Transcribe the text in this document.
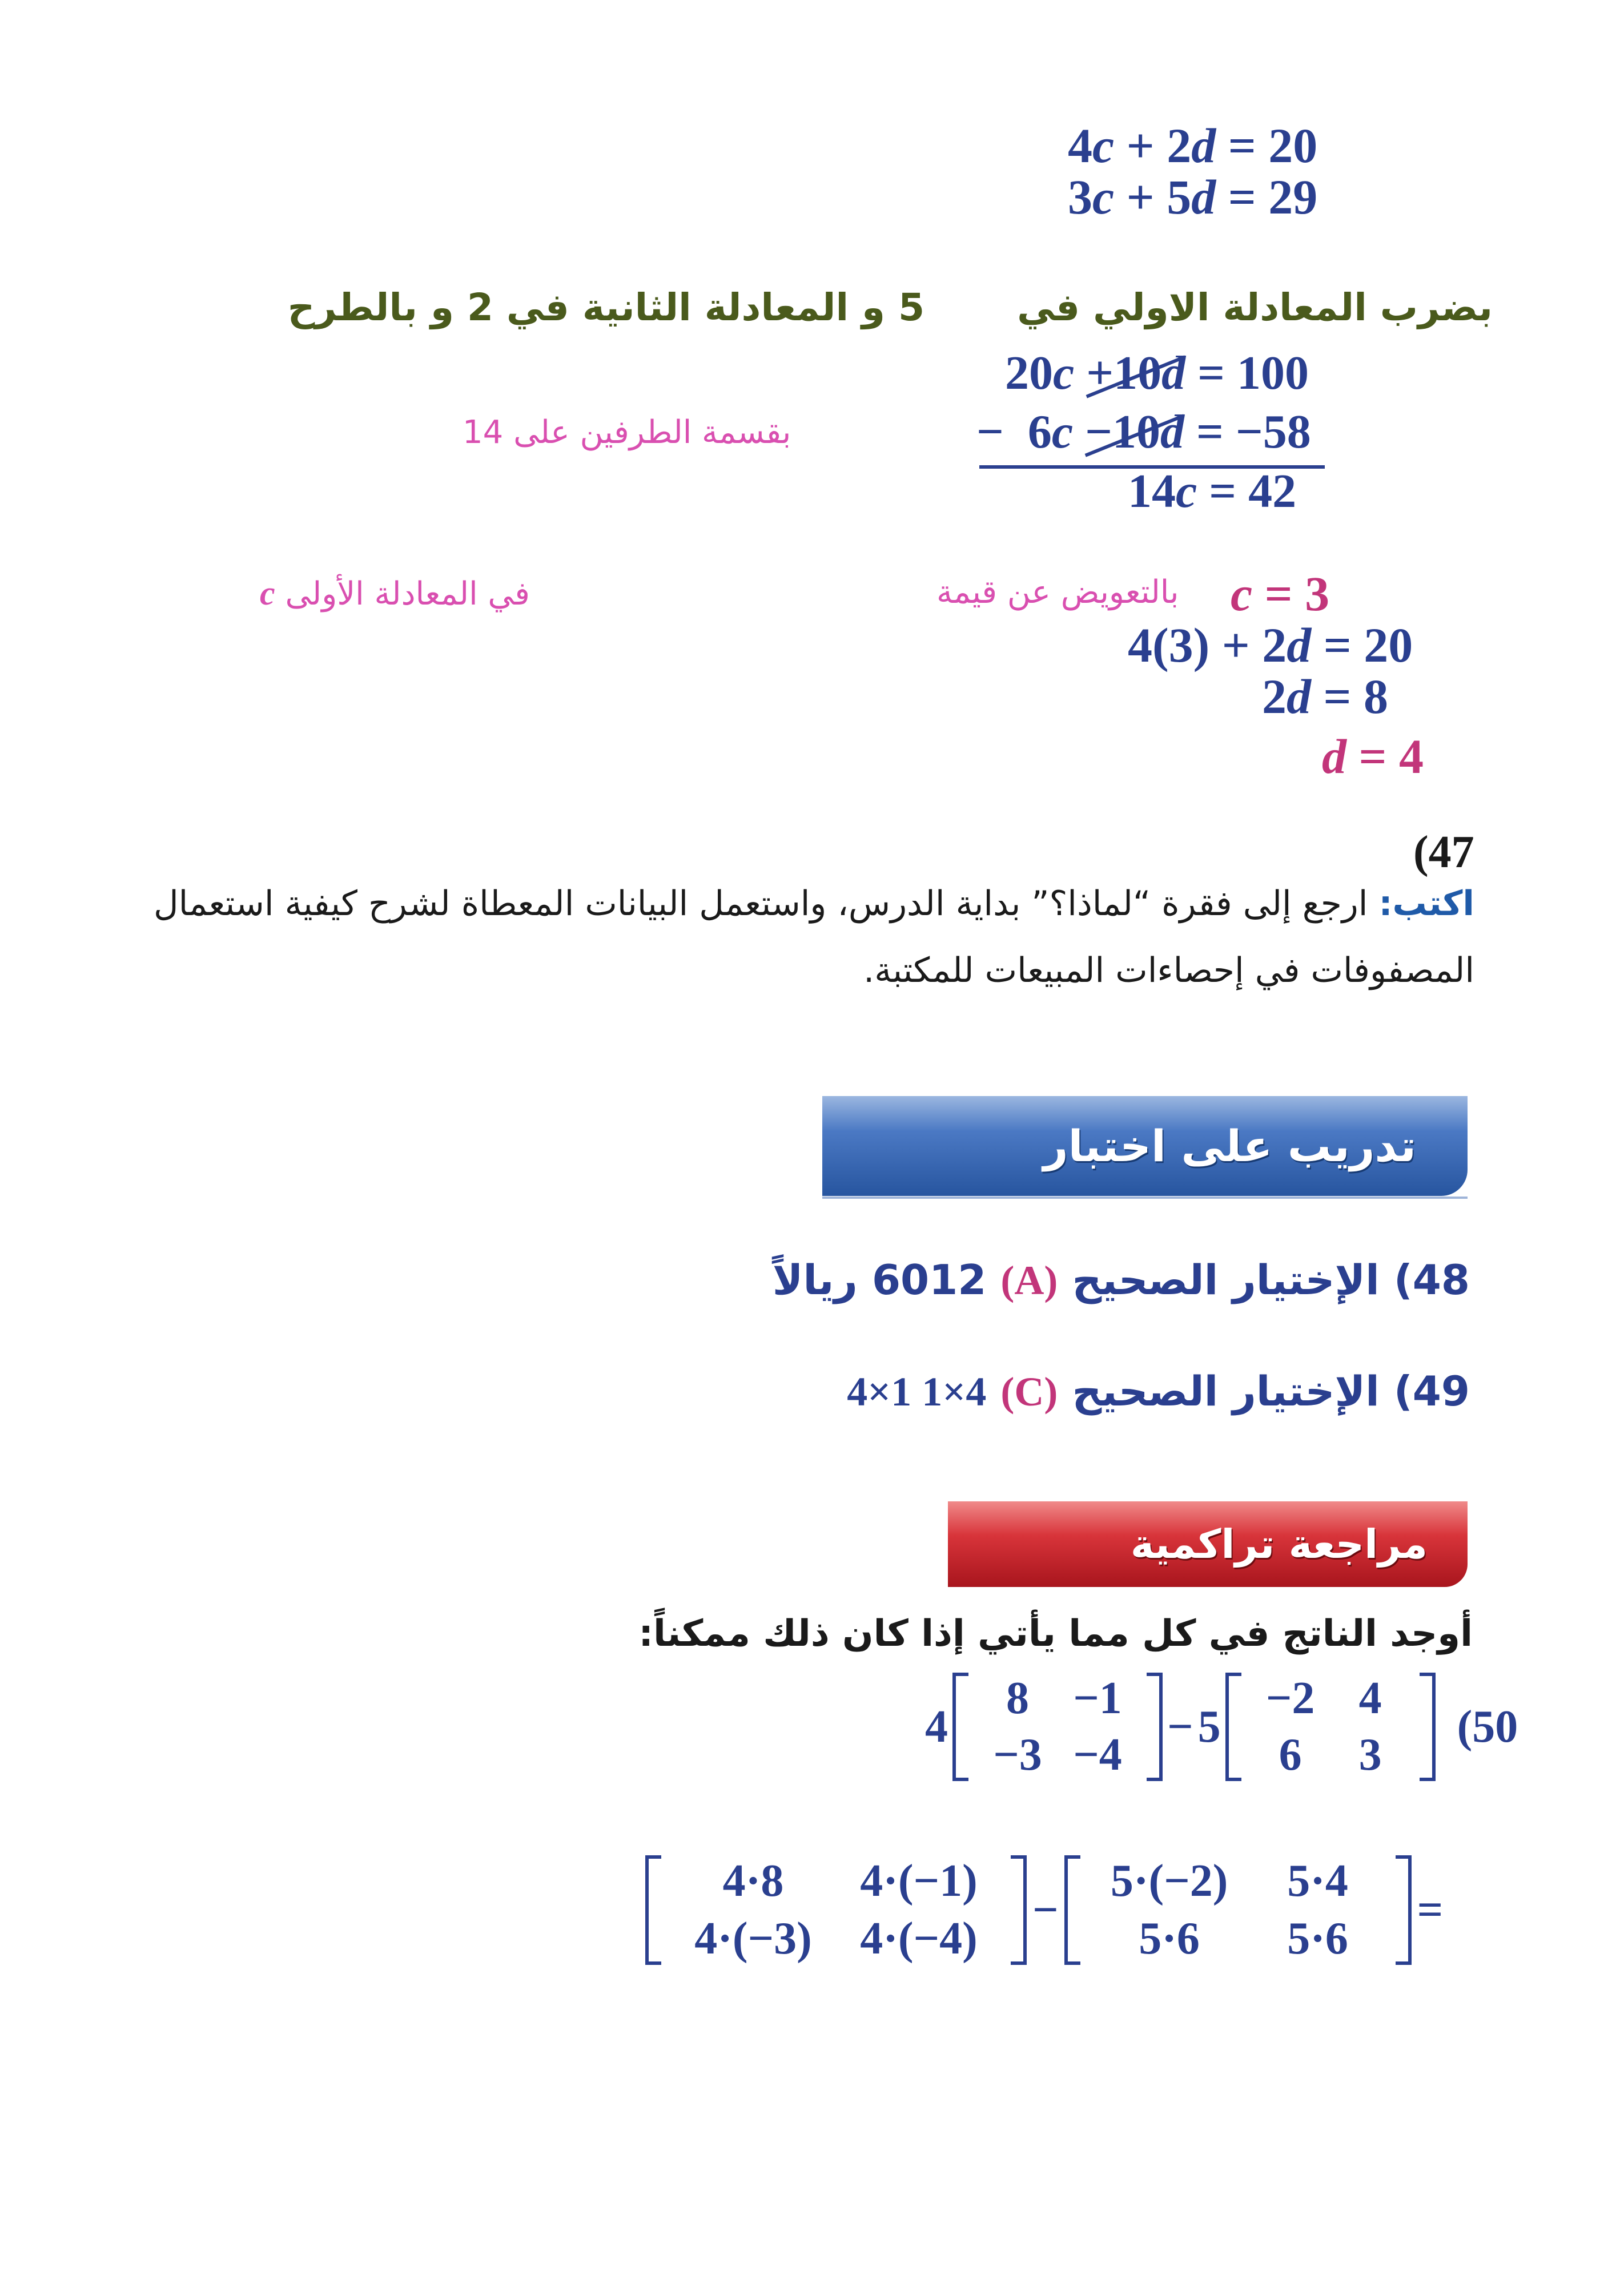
4c + 2d = 20
3c + 5d = 29
بضرب المعادلة الاولي في
5 و المعادلة الثانية في 2 و بالطرح
20c +10d = 100
− 6c −10d = −58
14c = 42
بقسمة الطرفين على 14
c = 3
بالتعويض عن قيمة
c في المعادلة الأولى
4(3) + 2d = 20
2d = 8
d = 4
(47
اكتب: ارجع إلى فقرة “لماذا؟” بداية الدرس، واستعمل البيانات المعطاة لشرح كيفية استعمال
المصفوفات في إحصاءات المبيعات للمكتبة.
تدريب على اختبار
48) الإختيار الصحيح (A) 6012 ريالاً
49) الإختيار الصحيح (C) 4×1 1×4
مراجعة تراكمية
أوجد الناتج في كل مما يأتي إذا كان ذلك ممكناً:
4
8 −1
−3 −4
− 5
−2 4
6	3
(50
4·8	4·(−1)
4·(−3)	4·(−4)
−
5·(−2)	5·4
5·6	5·6
=
